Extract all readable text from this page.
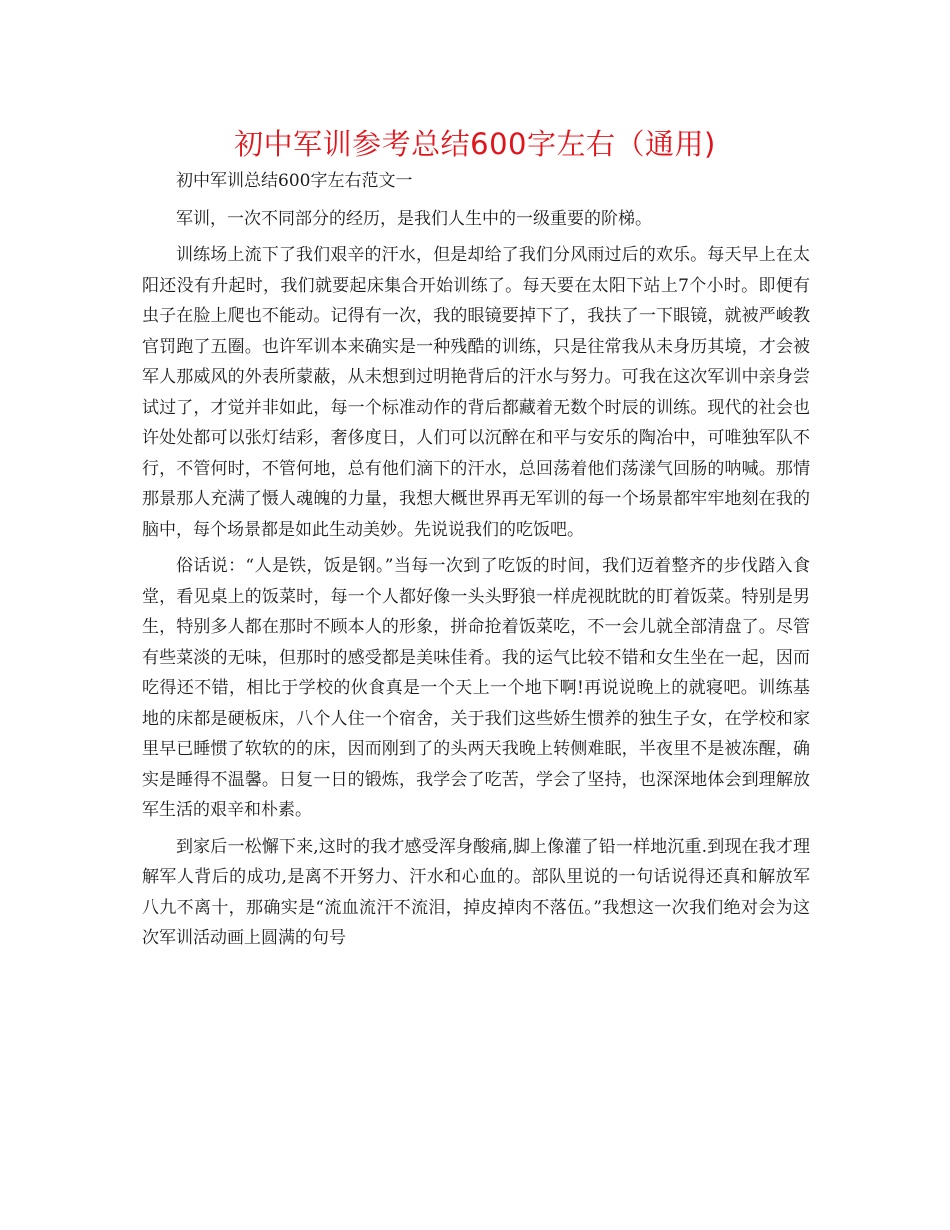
初中军训参考总结600字左右（通用)

初中军训总结600字左右范文一

军训，一次不同部分的经历，是我们人生中的一级重要的阶梯。

训练场上流下了我们艰辛的汗水，但是却给了我们分风雨过后的欢乐。每天早上在太阳还没有升起时，我们就要起床集合开始训练了。每天要在太阳下站上7个小时。即便有虫子在脸上爬也不能动。记得有一次，我的眼镜要掉下了，我扶了一下眼镜，就被严峻教官罚跑了五圈。也许军训本来确实是一种残酷的训练，只是往常我从未身历其境，才会被军人那威风的外表所蒙蔽，从未想到过明艳背后的汗水与努力。可我在这次军训中亲身尝试过了，才觉并非如此，每一个标准动作的背后都藏着无数个时辰的训练。现代的社会也许处处都可以张灯结彩，奢侈度日，人们可以沉醉在和平与安乐的陶冶中，可唯独军队不行，不管何时，不管何地，总有他们滴下的汗水，总回荡着他们荡漾气回肠的呐喊。那情那景那人充满了慑人魂魄的力量，我想大概世界再无军训的每一个场景都牢牢地刻在我的脑中，每个场景都是如此生动美妙。先说说我们的吃饭吧。

俗话说：“人是铁，饭是钢。”当每一次到了吃饭的时间，我们迈着整齐的步伐踏入食堂，看见桌上的饭菜时，每一个人都好像一头头野狼一样虎视眈眈的盯着饭菜。特别是男生，特别多人都在那时不顾本人的形象，拼命抢着饭菜吃，不一会儿就全部清盘了。尽管有些菜淡的无味，但那时的感受都是美味佳肴。我的运气比较不错和女生坐在一起，因而吃得还不错，相比于学校的伙食真是一个天上一个地下啊!再说说晚上的就寝吧。训练基地的床都是硬板床，八个人住一个宿舍，关于我们这些娇生惯养的独生子女，在学校和家里早已睡惯了软软的的床，因而刚到了的头两天我晚上转侧难眠，半夜里不是被冻醒，确实是睡得不温馨。日复一日的锻炼，我学会了吃苦，学会了坚持，也深深地体会到理解放军生活的艰辛和朴素。

到家后一松懈下来,这时的我才感受浑身酸痛,脚上像灌了铅一样地沉重.到现在我才理解军人背后的成功,是离不开努力、汗水和心血的。部队里说的一句话说得还真和解放军八九不离十，那确实是“流血流汗不流泪，掉皮掉肉不落伍。”我想这一次我们绝对会为这次军训活动画上圆满的句号
